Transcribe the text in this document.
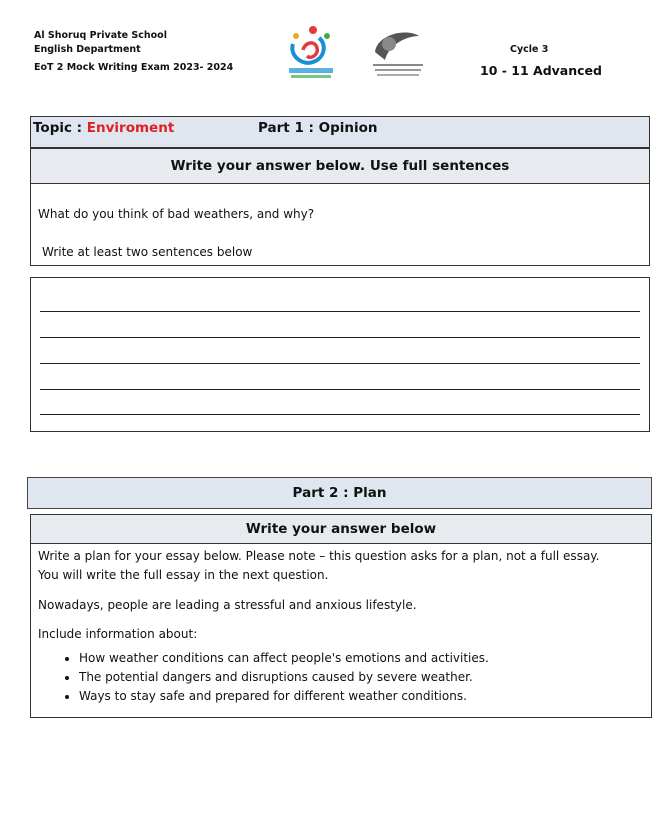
Al Shoruq Private School
English Department
EoT 2 Mock Writing Exam 2023- 2024
Cycle 3
10 - 11 Advanced
Topic : Enviroment	Part 1 : Opinion
Write your answer below. Use full sentences
What do you think of bad weathers, and why?
Write at least two sentences below
Part 2 : Plan
Write your answer below
Write a plan for your essay below. Please note – this question asks for a plan, not a full essay.
You will write the full essay in the next question.
Nowadays, people are leading a stressful and anxious lifestyle.
Include information about:
• How weather conditions can affect people's emotions and activities.
• The potential dangers and disruptions caused by severe weather.
• Ways to stay safe and prepared for different weather conditions.
